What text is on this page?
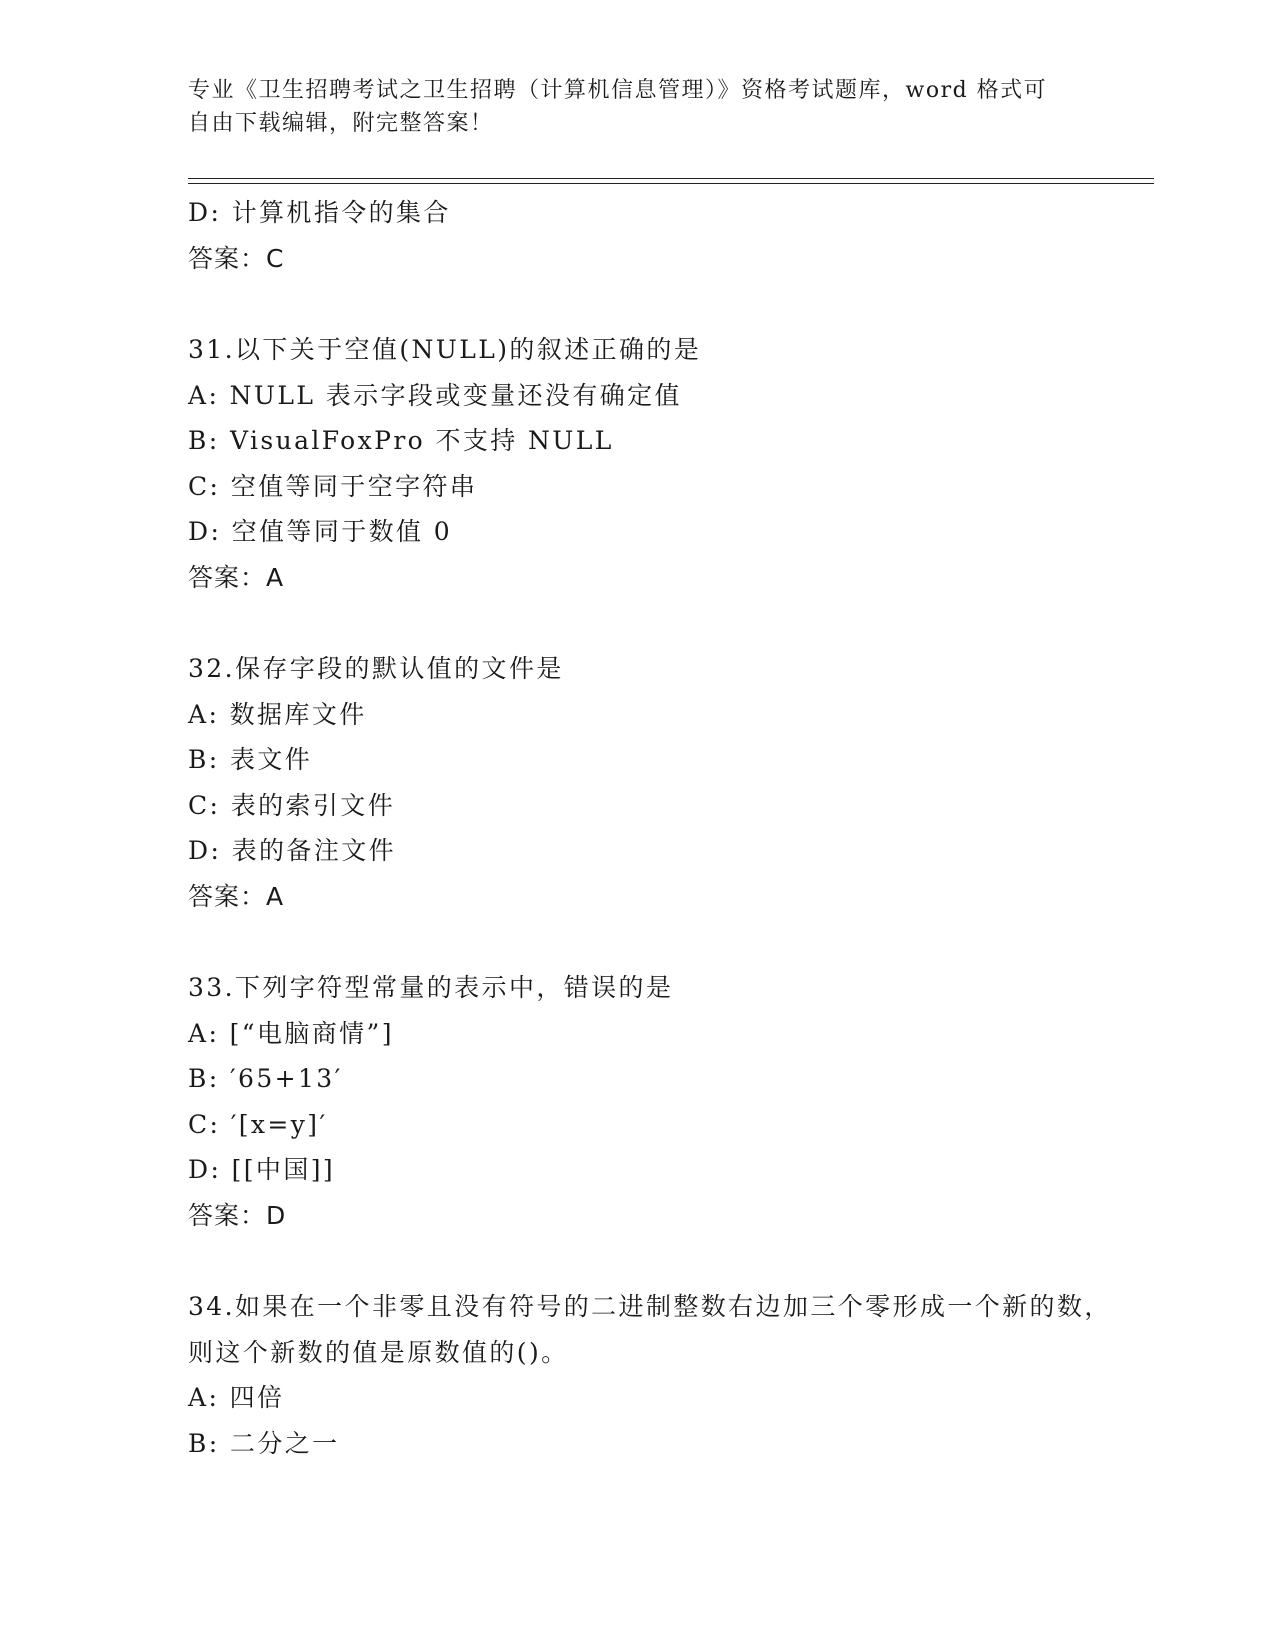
专业《卫生招聘考试之卫生招聘（计算机信息管理）》资格考试题库，word 格式可自由下载编辑，附完整答案！
D: 计算机指令的集合
答案：C
31.以下关于空值(NULL)的叙述正确的是
A: NULL 表示字段或变量还没有确定值
B: VisualFoxPro 不支持 NULL
C: 空值等同于空字符串
D: 空值等同于数值 0
答案：A
32.保存字段的默认值的文件是
A: 数据库文件
B: 表文件
C: 表的索引文件
D: 表的备注文件
答案：A
33.下列字符型常量的表示中，错误的是
A: [“电脑商情”]
B: ′65+13′
C: ′[x=y]′
D: [[中国]]
答案：D
34.如果在一个非零且没有符号的二进制整数右边加三个零形成一个新的数，则这个新数的值是原数值的()。
A: 四倍
B: 二分之一
